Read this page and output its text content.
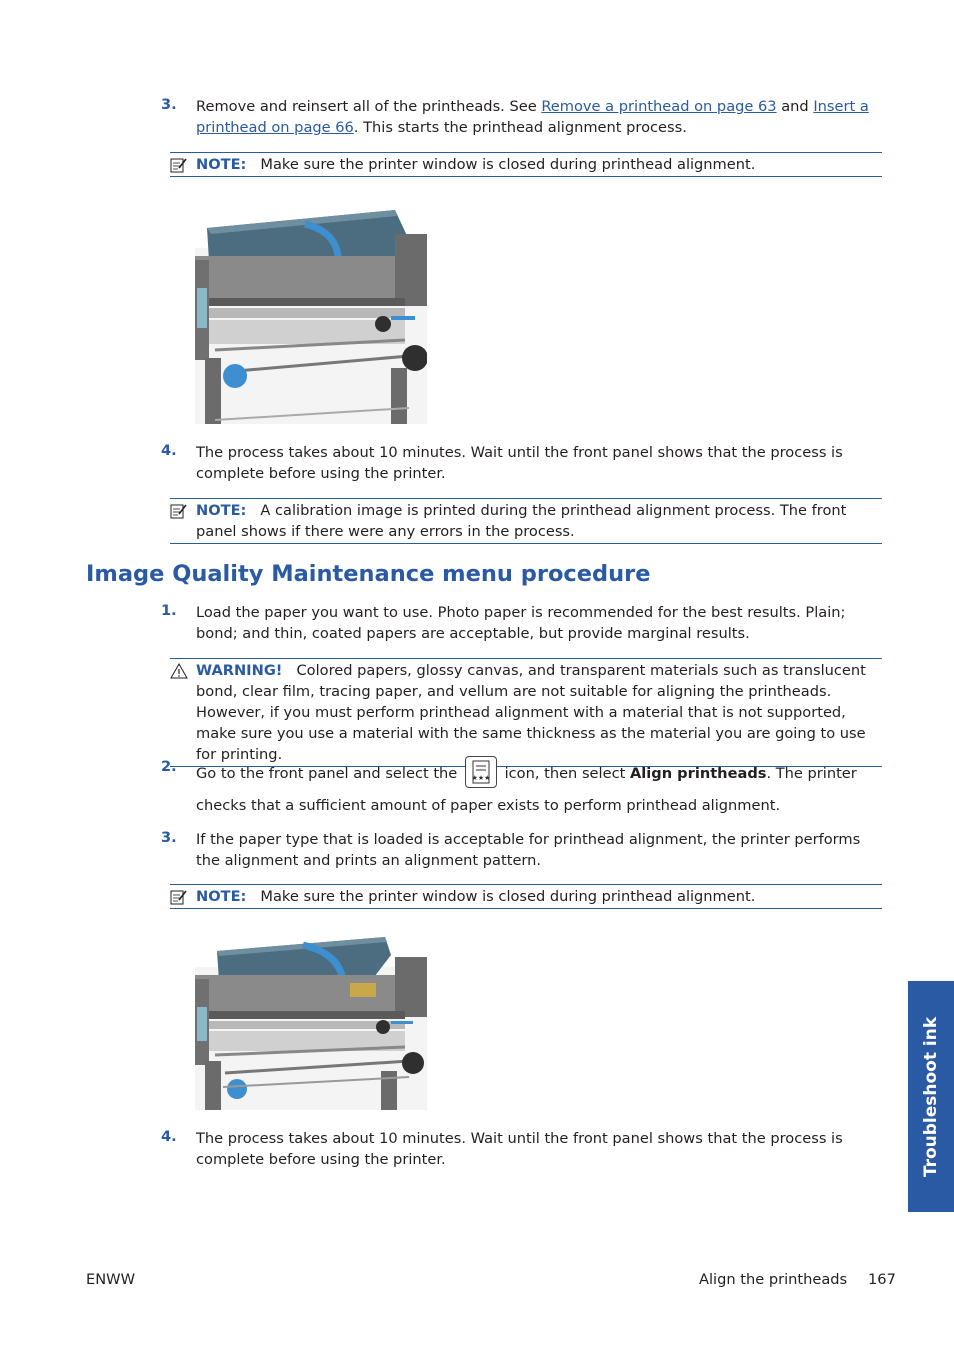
3. Remove and reinsert all of the printheads. See Remove a printhead on page 63 and Insert a printhead on page 66. This starts the printhead alignment process.
NOTE: Make sure the printer window is closed during printhead alignment.
4. The process takes about 10 minutes. Wait until the front panel shows that the process is complete before using the printer.
NOTE: A calibration image is printed during the printhead alignment process. The front panel shows if there were any errors in the process.
Image Quality Maintenance menu procedure
1. Load the paper you want to use. Photo paper is recommended for the best results. Plain; bond; and thin, coated papers are acceptable, but provide marginal results.
WARNING! Colored papers, glossy canvas, and transparent materials such as translucent bond, clear film, tracing paper, and vellum are not suitable for aligning the printheads. However, if you must perform printhead alignment with a material that is not supported, make sure you use a material with the same thickness as the material you are going to use for printing.
2. Go to the front panel and select the ★★★ icon, then select Align printheads. The printer checks that a sufficient amount of paper exists to perform printhead alignment.
3. If the paper type that is loaded is acceptable for printhead alignment, the printer performs the alignment and prints an alignment pattern.
NOTE: Make sure the printer window is closed during printhead alignment.
4. The process takes about 10 minutes. Wait until the front panel shows that the process is complete before using the printer.	Troubleshoot ink
ENWW	Align the printheads 167
